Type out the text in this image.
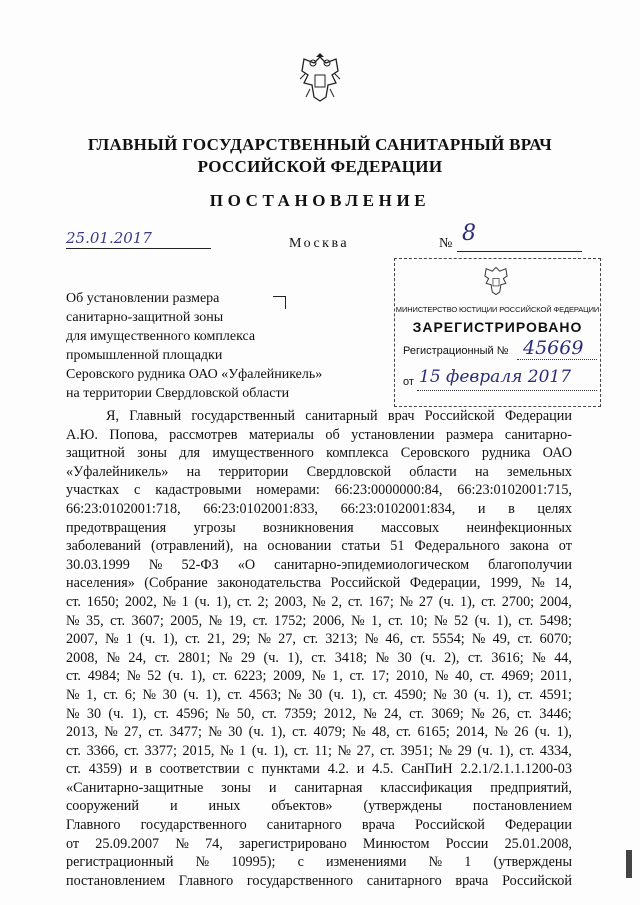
ГЛАВНЫЙ ГОСУДАРСТВЕННЫЙ САНИТАРНЫЙ ВРАЧ
РОССИЙСКОЙ ФЕДЕРАЦИИ
ПОСТАНОВЛЕНИЕ
25.01.2017	Москва	№ 8
МИНИСТЕРСТВО ЮСТИЦИИ РОССИЙСКОЙ ФЕДЕРАЦИИ
ЗАРЕГИСТРИРОВАНО
Регистрационный № 45669
от 15 февраля 2017
Об установлении размера
санитарно-защитной зоны
для имущественного комплекса
промышленной площадки
Серовского рудника ОАО «Уфалейникель»
на территории Свердловской области
Я, Главный государственный санитарный врач Российской Федерации
А.Ю. Попова, рассмотрев материалы об установлении размера санитарно-
защитной зоны для имущественного комплекса Серовского рудника ОАО
«Уфалейникель» на территории Свердловской области на земельных
участках с кадастровыми номерами: 66:23:0000000:84, 66:23:0102001:715,
66:23:0102001:718, 66:23:0102001:833, 66:23:0102001:834, и в целях
предотвращения угрозы возникновения массовых неинфекционных
заболеваний (отравлений), на основании статьи 51 Федерального закона от
30.03.1999 № 52-ФЗ «О санитарно-эпидемиологическом благополучии
населения» (Собрание законодательства Российской Федерации, 1999, № 14,
ст. 1650; 2002, № 1 (ч. 1), ст. 2; 2003, № 2, ст. 167; № 27 (ч. 1), ст. 2700; 2004,
№ 35, ст. 3607; 2005, № 19, ст. 1752; 2006, № 1, ст. 10; № 52 (ч. 1), ст. 5498;
2007, № 1 (ч. 1), ст. 21, 29; № 27, ст. 3213; № 46, ст. 5554; № 49, ст. 6070;
2008, № 24, ст. 2801; № 29 (ч. 1), ст. 3418; № 30 (ч. 2), ст. 3616; № 44,
ст. 4984; № 52 (ч. 1), ст. 6223; 2009, № 1, ст. 17; 2010, № 40, ст. 4969; 2011,
№ 1, ст. 6; № 30 (ч. 1), ст. 4563; № 30 (ч. 1), ст. 4590; № 30 (ч. 1), ст. 4591;
№ 30 (ч. 1), ст. 4596; № 50, ст. 7359; 2012, № 24, ст. 3069; № 26, ст. 3446;
2013, № 27, ст. 3477; № 30 (ч. 1), ст. 4079; № 48, ст. 6165; 2014, № 26 (ч. 1),
ст. 3366, ст. 3377; 2015, № 1 (ч. 1), ст. 11; № 27, ст. 3951; № 29 (ч. 1), ст. 4334,
ст. 4359) и в соответствии с пунктами 4.2. и 4.5. СанПиН 2.2.1/2.1.1.1200-03
«Санитарно-защитные зоны и санитарная классификация предприятий,
сооружений и иных объектов» (утверждены постановлением
Главного государственного санитарного врача Российской Федерации
от 25.09.2007 № 74, зарегистрировано Минюстом России 25.01.2008,
регистрационный № 10995); с изменениями № 1 (утверждены
постановлением Главного государственного санитарного врача Российской
